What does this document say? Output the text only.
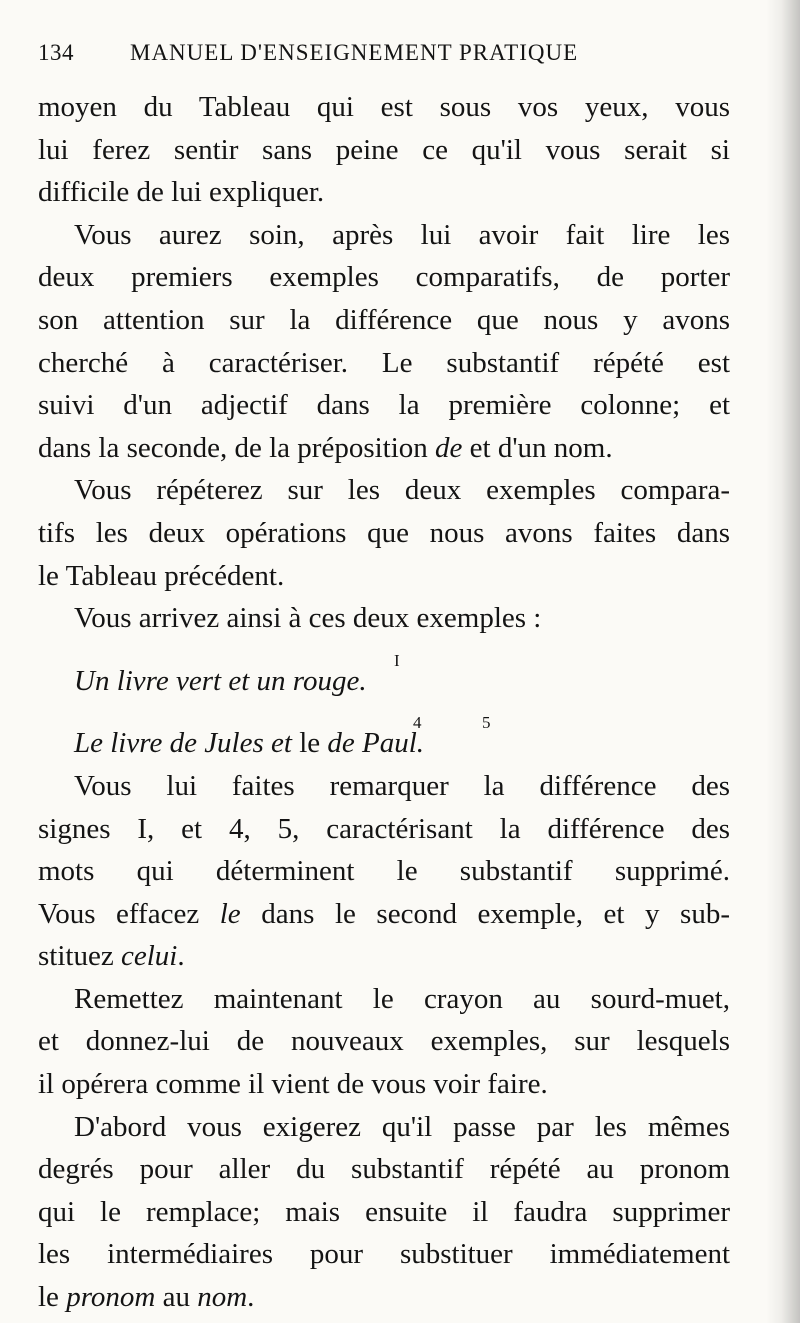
134 MANUEL D'ENSEIGNEMENT PRATIQUE
moyen du Tableau qui est sous vos yeux, vous
lui ferez sentir sans peine ce qu'il vous serait si
difficile de lui expliquer.
Vous aurez soin, après lui avoir fait lire les
deux premiers exemples comparatifs, de porter
son attention sur la différence que nous y avons
cherché à caractériser. Le substantif répété est
suivi d'un adjectif dans la première colonne; et
dans la seconde, de la préposition de et d'un nom.
Vous répéterez sur les deux exemples compara-
tifs les deux opérations que nous avons faites dans
le Tableau précédent.
Vous arrivez ainsi à ces deux exemples :
I
Un livre vert et un rouge.
4	5
Le livre de Jules et le de Paul.
Vous lui faites remarquer la différence des
signes I, et 4, 5, caractérisant la différence des
mots qui déterminent le substantif supprimé.
Vous effacez le dans le second exemple, et y sub-
stituez celui.
Remettez maintenant le crayon au sourd-muet,
et donnez-lui de nouveaux exemples, sur lesquels
il opérera comme il vient de vous voir faire.
D'abord vous exigerez qu'il passe par les mêmes
degrés pour aller du substantif répété au pronom
qui le remplace; mais ensuite il faudra supprimer
les intermédiaires pour substituer immédiatement
le pronom au nom.
